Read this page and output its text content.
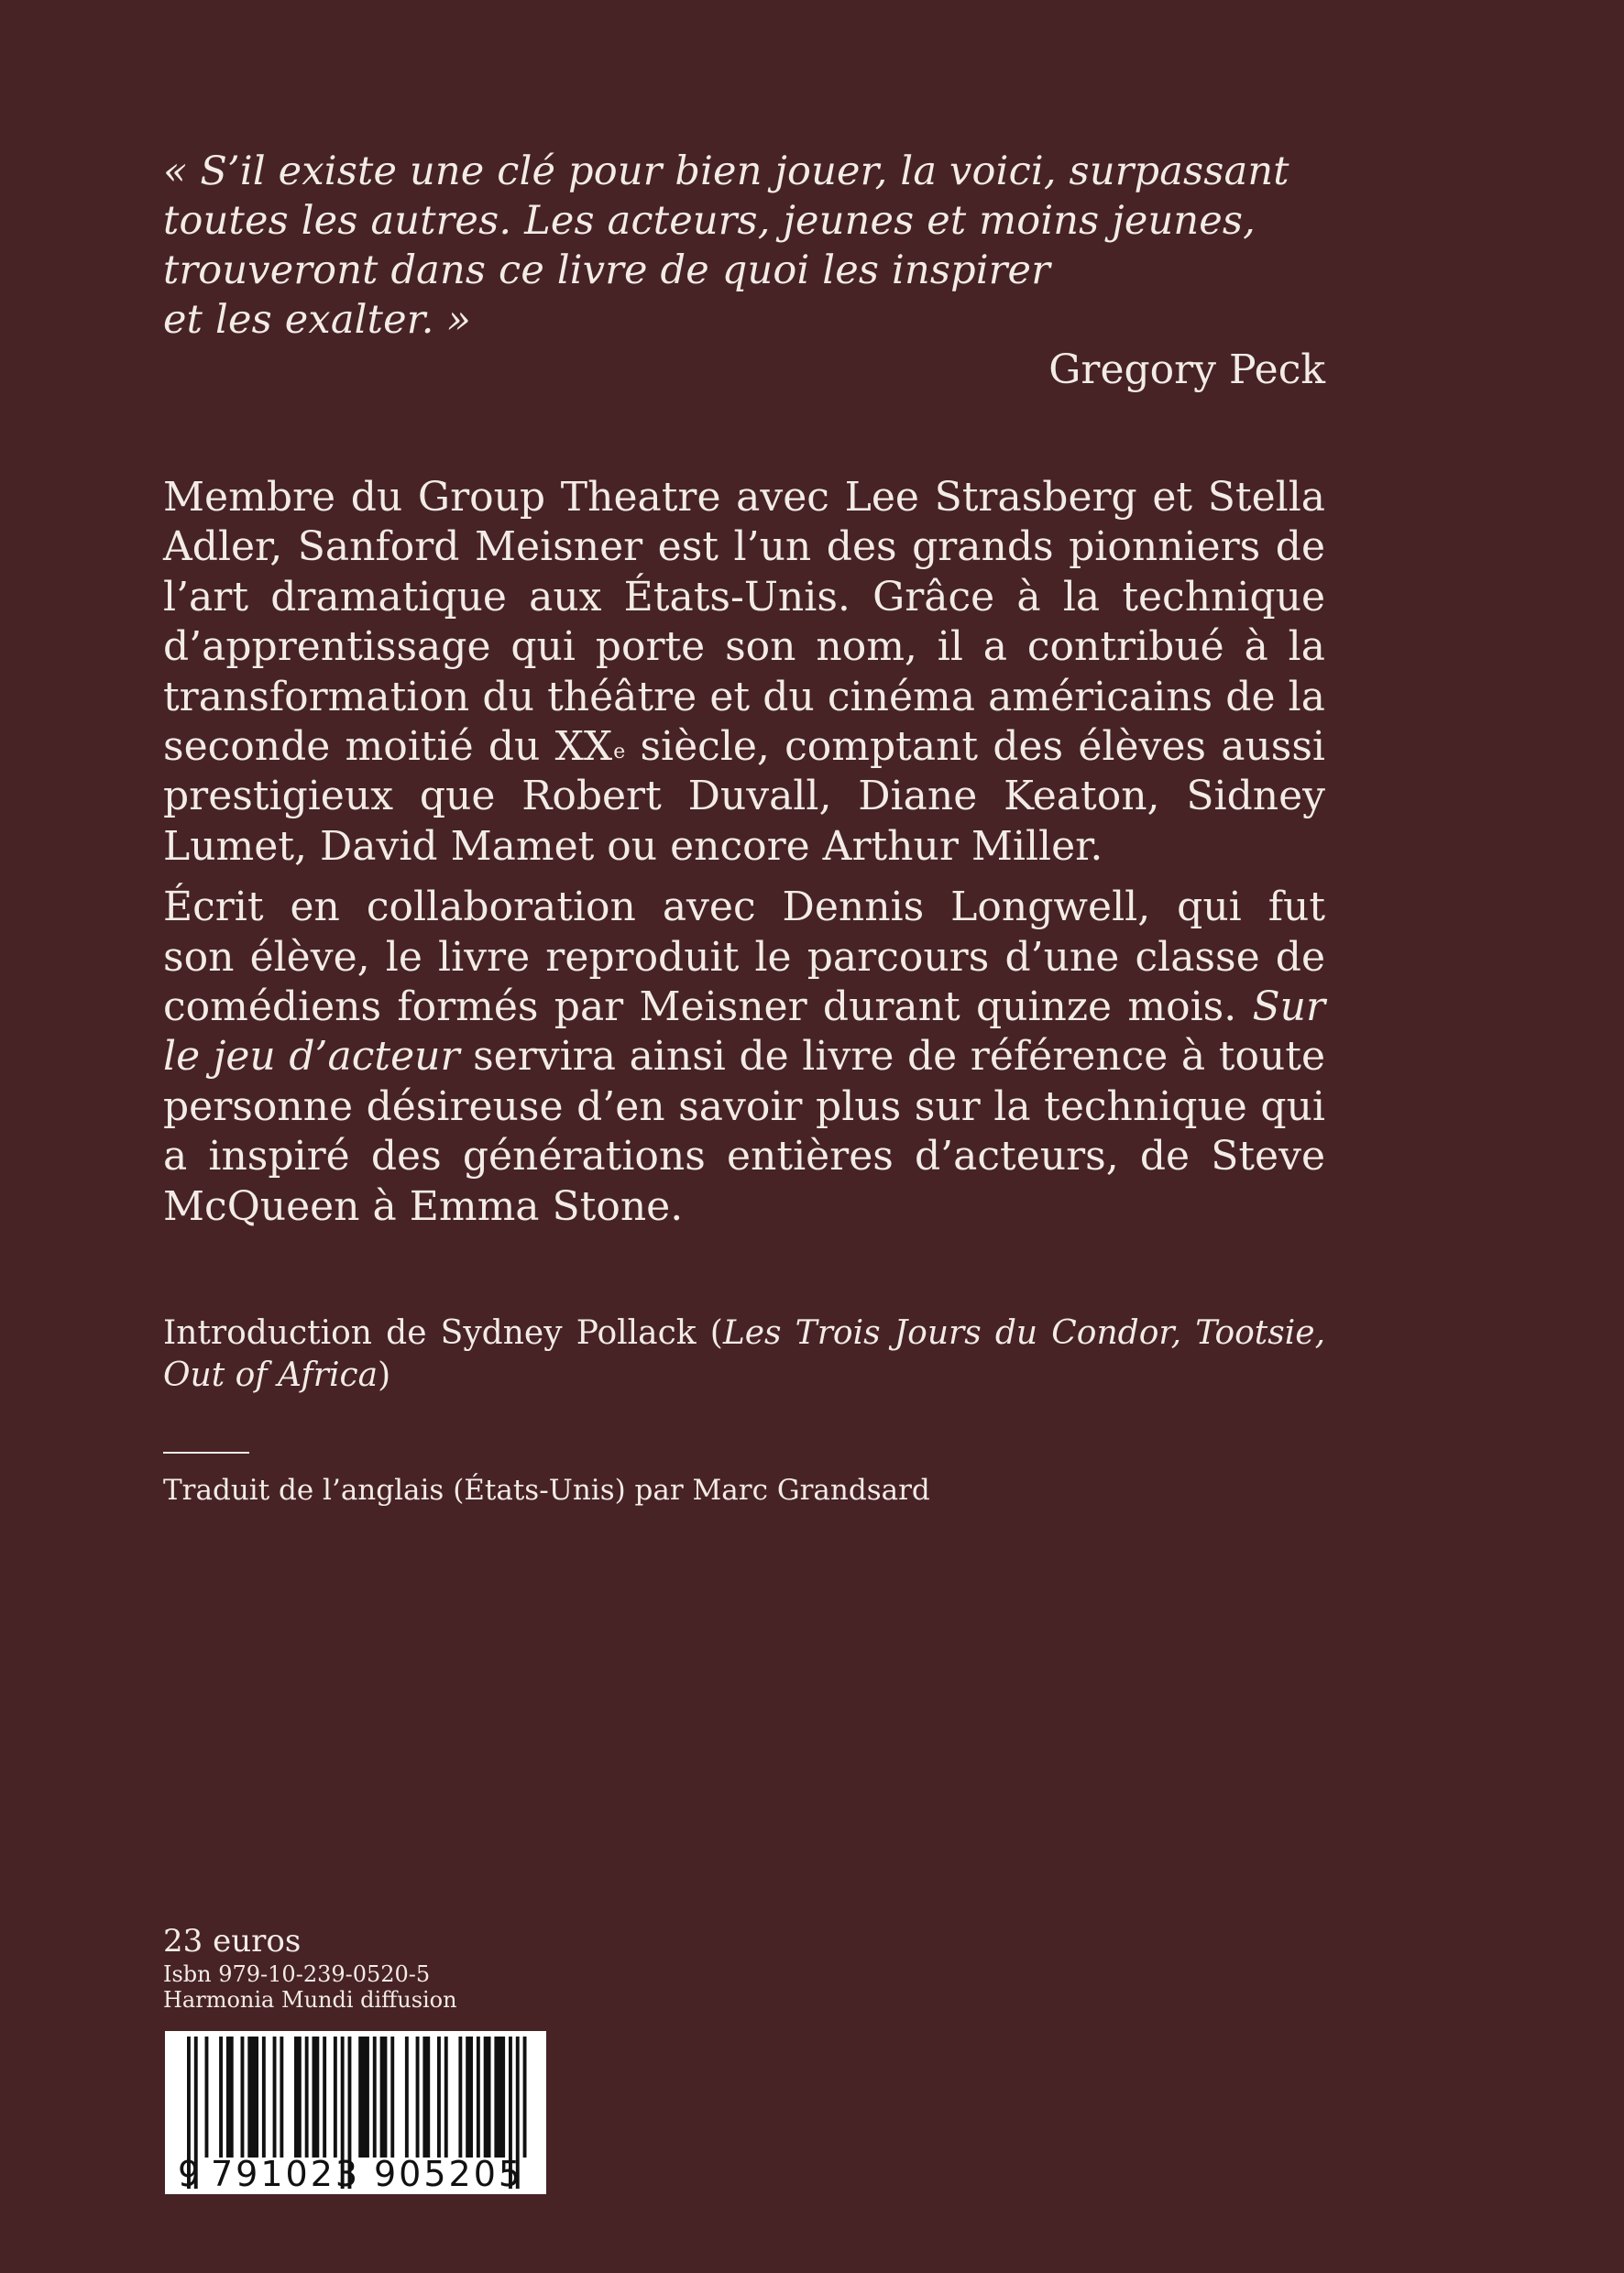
« S’il existe une clé pour bien jouer, la voici, surpassant
toutes les autres. Les acteurs, jeunes et moins jeunes,
trouveront dans ce livre de quoi les inspirer
et les exalter. »
Gregory Peck
Membre du Group Theatre avec Lee Strasberg et Stella
Adler, Sanford Meisner est l’un des grands pionniers de
l’art dramatique aux États-Unis. Grâce à la technique
d’apprentissage qui porte son nom, il a contribué à la
transformation du théâtre et du cinéma américains de la
seconde moitié du XXe siècle, comptant des élèves aussi
prestigieux que Robert Duvall, Diane Keaton, Sidney
Lumet, David Mamet ou encore Arthur Miller.
Écrit en collaboration avec Dennis Longwell, qui fut
son élève, le livre reproduit le parcours d’une classe de
comédiens formés par Meisner durant quinze mois. Sur
le jeu d’acteur servira ainsi de livre de référence à toute
personne désireuse d’en savoir plus sur la technique qui
a inspiré des générations entières d’acteurs, de Steve
McQueen à Emma Stone.
Introduction de Sydney Pollack (Les Trois Jours du Condor, Tootsie,
Out of Africa)
Traduit de l’anglais (États-Unis) par Marc Grandsard
23 euros
Isbn 979-10-239-0520-5
Harmonia Mundi diffusion
9 791023 905205
